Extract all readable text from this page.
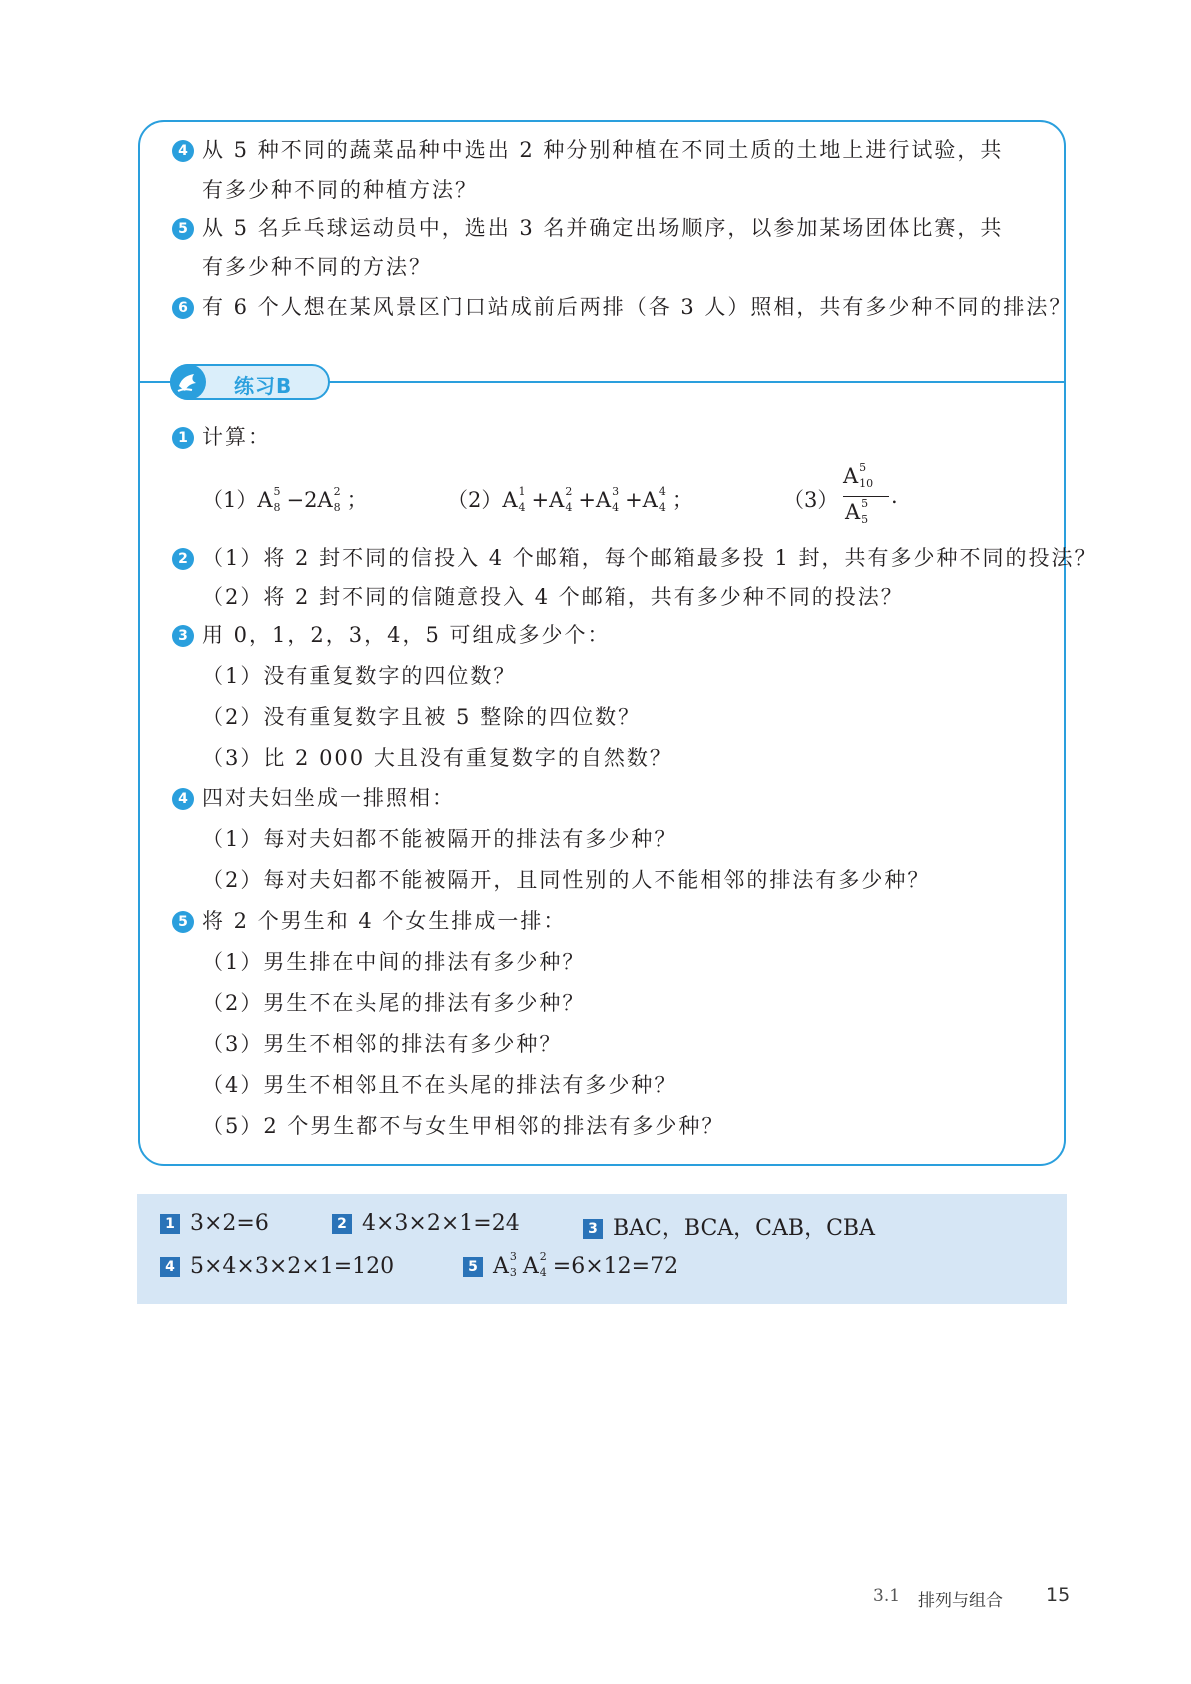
4 从 5 种不同的蔬菜品种中选出 2 种分别种植在不同土质的土地上进行试验，共
有多少种不同的种植方法？
5 从 5 名乒乓球运动员中，选出 3 名并确定出场顺序，以参加某场团体比赛，共
有多少种不同的方法？
6 有 6 个人想在某风景区门口站成前后两排（各 3 人）照相，共有多少种不同的排法？
练习B
1 计算：
（1）A 5
8 −2A 2
8 ；	（2）A 1
4 +A 2
4 +A 3
4 +A 4
4 ；	（3）
A 5
10
A 5
5
.
2 （1）将 2 封不同的信投入 4 个邮箱，每个邮箱最多投 1 封，共有多少种不同的投法？
（2）将 2 封不同的信随意投入 4 个邮箱，共有多少种不同的投法？
3 用 0，1，2，3，4，5 可组成多少个：
（1）没有重复数字的四位数？
（2）没有重复数字且被 5 整除的四位数？
（3）比 2 000 大且没有重复数字的自然数？
4 四对夫妇坐成一排照相：
（1）每对夫妇都不能被隔开的排法有多少种？
（2）每对夫妇都不能被隔开，且同性别的人不能相邻的排法有多少种？
5 将 2 个男生和 4 个女生排成一排：
（1）男生排在中间的排法有多少种？
（2）男生不在头尾的排法有多少种？
（3）男生不相邻的排法有多少种？
（4）男生不相邻且不在头尾的排法有多少种？
（5）2 个男生都不与女生甲相邻的排法有多少种？
1 3×2=6	2 4×3×2×1=24	3 BAC，BCA，CAB，CBA
4 5×4×3×2×1=120	5 A 3
3 A 2
4 =6×12=72
3.1 排列与组合 15
